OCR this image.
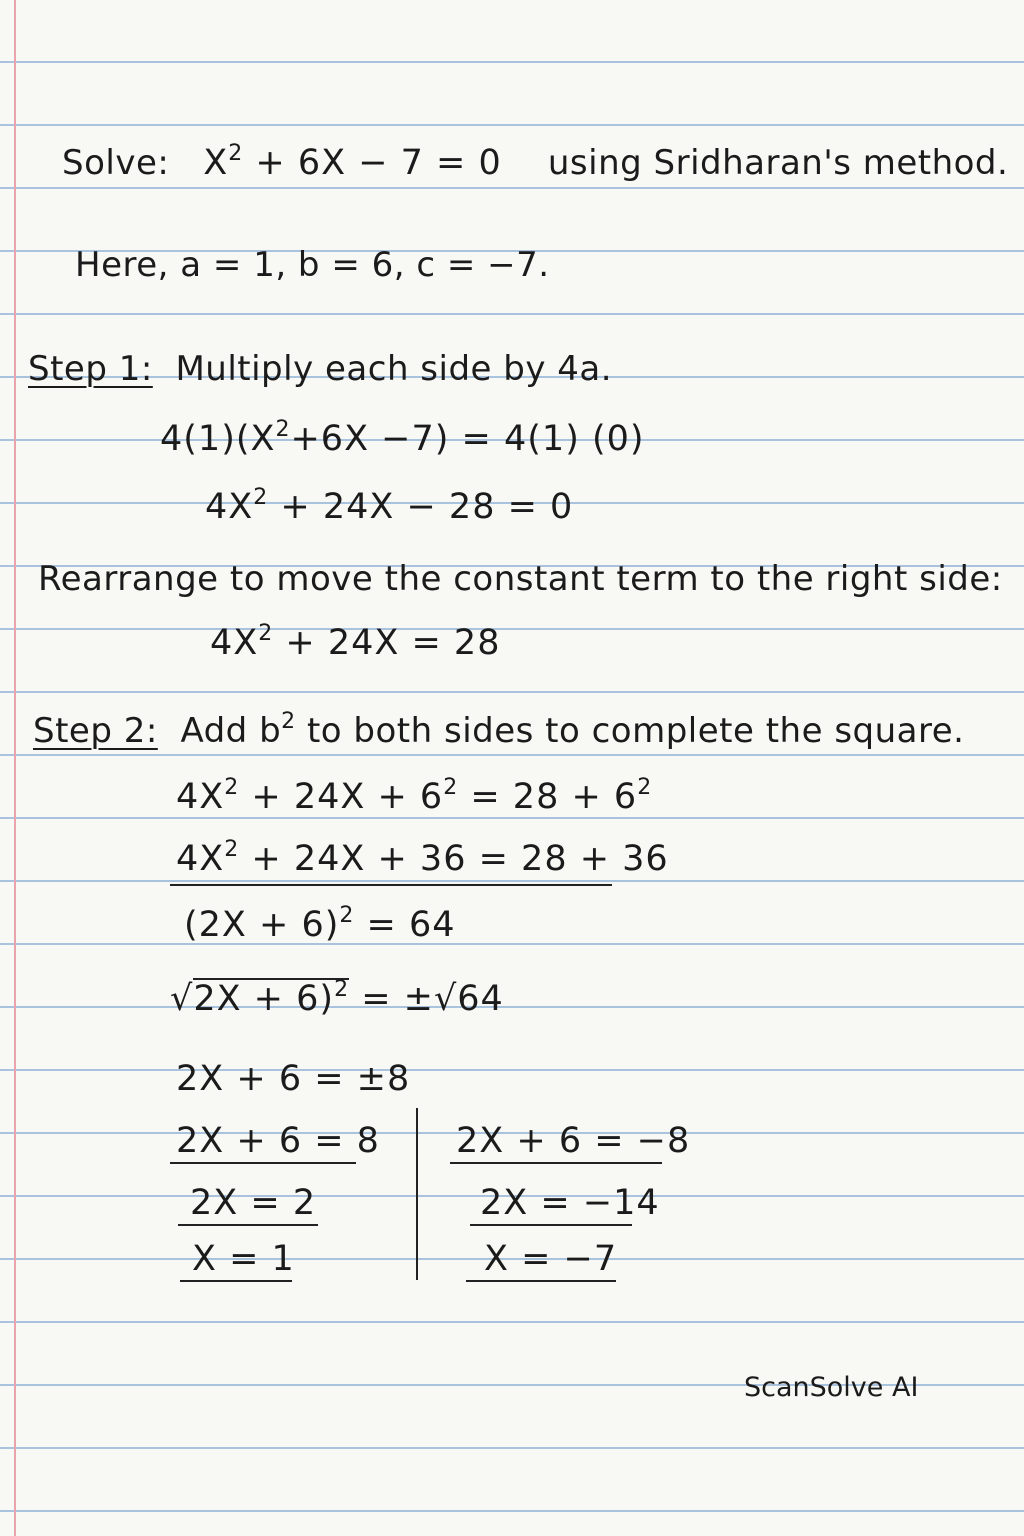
Solve: $X^2 + 6X - 7 = 0$ using Sridharan's method.
Here, a = 1, b = 6, c = −7.
Step 1: Multiply each side by 4a.
$4(1)(X^2+6X -7) = 4(1)$ (0)
$4X^2 + 24X - 28 = 0$
Rearrange to move the constant term to the right side:
$4X^2 + 24X = 28$
Step 2: Add $b^2$ to both sides to complete the square.
$4X^2 + 24X + 6^2 = 28 + 6^2$
$4X^2 + 24X + 36 = 28 + 36$
$(2X + 6)^2 = 64$
√2X + 6)$^2$ = ±√64
2X + 6 = ±8
2X + 6 = 8
2X = 2
X = 1
2X + 6 = −8
2X = −14
X = −7
ScanSolve AI
